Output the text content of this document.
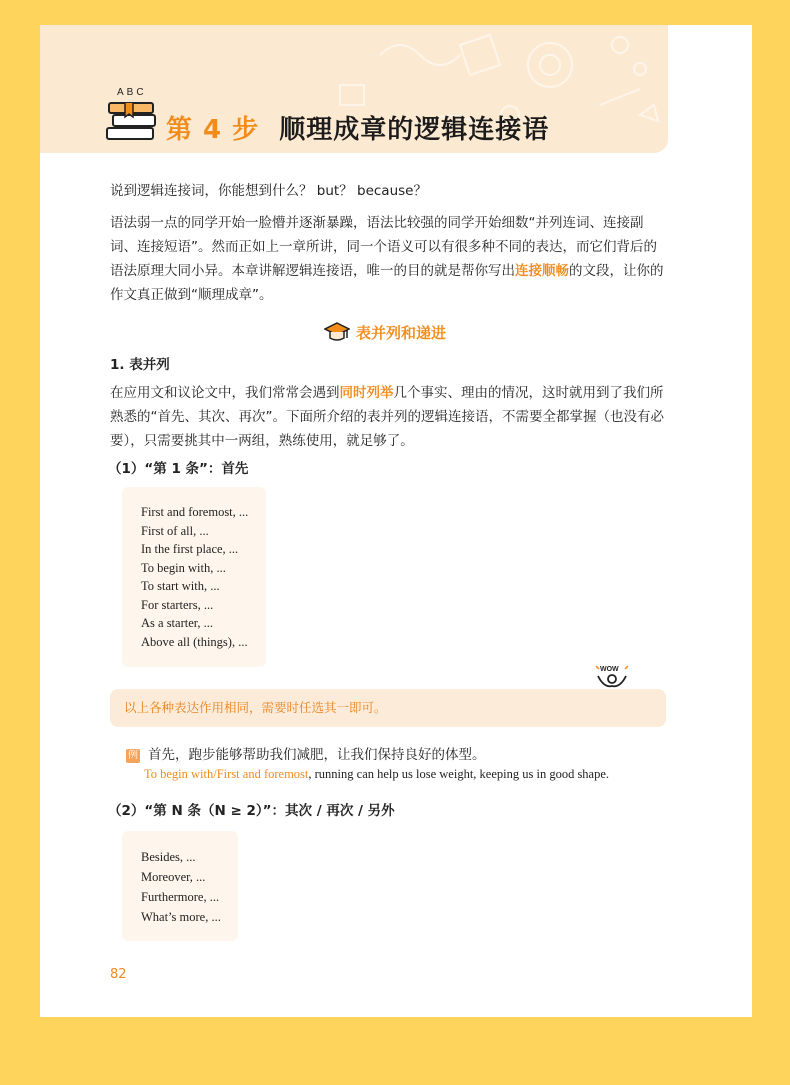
ABC
第 4 步 顺理成章的逻辑连接语
说到逻辑连接词，你能想到什么？ but？ because？
语法弱一点的同学开始一脸懵并逐渐暴躁，语法比较强的同学开始细数“并列连词、连接副词、连接短语”。然而正如上一章所讲，同一个语义可以有很多种不同的表达，而它们背后的语法原理大同小异。本章讲解逻辑连接语，唯一的目的就是帮你写出连接顺畅的文段，让你的作文真正做到“顺理成章”。
表并列和递进
1. 表并列
在应用文和议论文中，我们常常会遇到同时列举几个事实、理由的情况，这时就用到了我们所熟悉的“首先、其次、再次”。下面所介绍的表并列的逻辑连接语，不需要全都掌握（也没有必要），只需要挑其中一两组，熟练使用，就足够了。
（1）“第 1 条”：首先
First and foremost, ...
First of all, ...
In the first place, ...
To begin with, ...
To start with, ...
For starters, ...
As a starter, ...
Above all (things), ...
WOW
以上各种表达作用相同，需要时任选其一即可。
例 首先，跑步能够帮助我们减肥，让我们保持良好的体型。
To begin with/First and foremost, running can help us lose weight, keeping us in good shape.
（2）“第 N 条（N ≥ 2）”：其次 / 再次 / 另外
Besides, ...
Moreover, ...
Furthermore, ...
What’s more, ...
82
